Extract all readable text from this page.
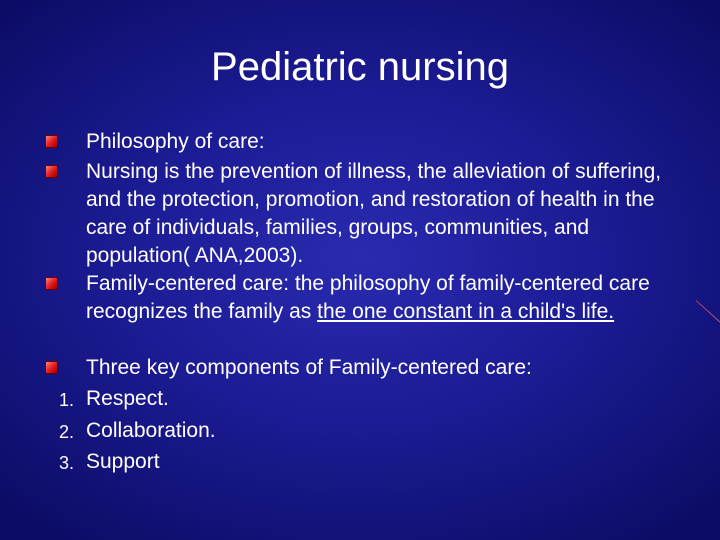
Pediatric nursing
Philosophy of care:
Nursing is the prevention of illness, the alleviation of suffering, and the protection, promotion, and restoration of health in the care of individuals, families, groups, communities, and population( ANA,2003).
Family-centered care: the philosophy of family-centered care recognizes the family as the one constant in a child's life.
Three key components of Family-centered care:
1. Respect.
2. Collaboration.
3. Support
